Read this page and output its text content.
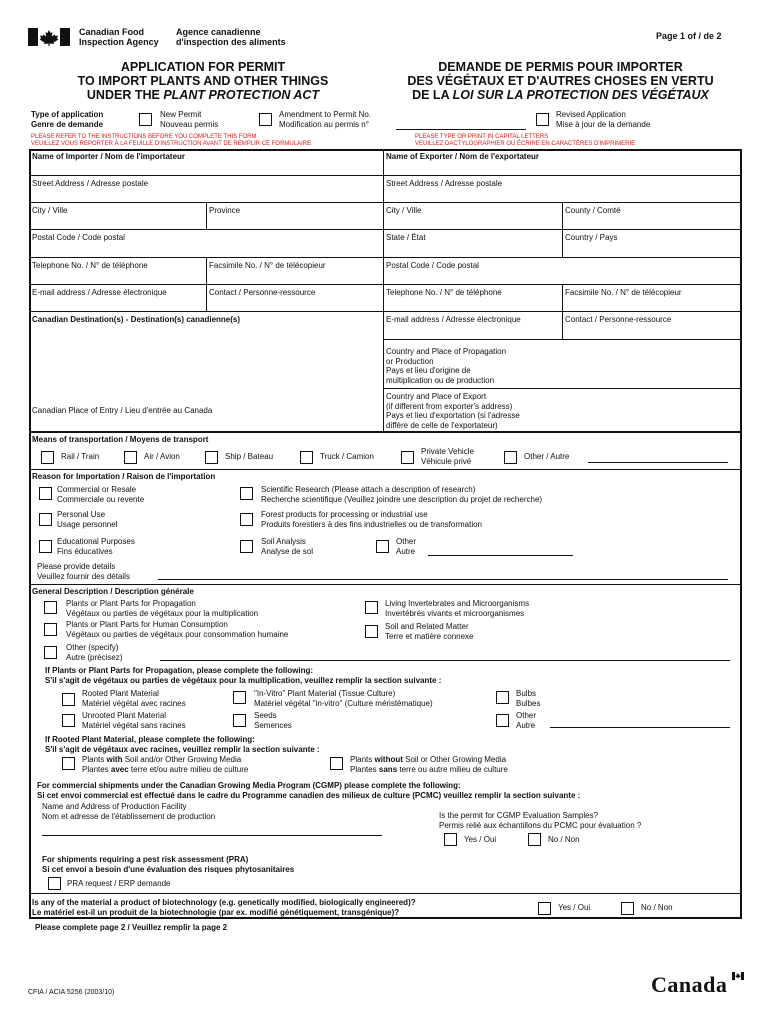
Canadian Food
Inspection Agency
Agence canadienne
d'inspection des aliments
Page 1 of / de 2
APPLICATION FOR PERMIT
TO IMPORT PLANTS AND OTHER THINGS
UNDER THE PLANT PROTECTION ACT
DEMANDE DE PERMIS POUR IMPORTER
DES VÉGÉTAUX ET D'AUTRES CHOSES EN VERTU
DE LA LOI SUR LA PROTECTION DES VÉGÉTAUX
Type of application
Genre de demande
New Permit
Nouveau permis
Amendment to Permit No.
Modification au permis n°
Revised Application
Mise à jour de la demande
PLEASE REFER TO THE INSTRUCTIONS BEFORE YOU COMPLETE THIS FORM
VEUILLEZ VOUS REPORTER À LA FEUILLE D'INSTRUCTION AVANT DE REMPLIR CE FORMULAIRE
PLEASE TYPE OR PRINT IN CAPITAL LETTERS
VEUILLEZ DACTYLOGRAPHIER OU ÉCRIRE EN CARACTÈRES D'IMPRIMERIE
Name of Importer / Nom de l'importateur
Street Address / Adresse postale
City / Ville	Province
Postal Code / Code postal
Telephone No. / N° de téléphone	Facsimile No. / N° de télécopieur
E-mail address / Adresse électronique	Contact / Personne-ressource
Canadian Destination(s) - Destination(s) canadienne(s)
Canadian Place of Entry / Lieu d'entrée au Canada
Name of Exporter / Nom de l'exportateur
Street Address / Adresse postale
City / Ville	County / Comté
State / État	Country / Pays
Postal Code / Code postal
Telephone No. / N° de téléphone	Facsimile No. / N° de télécopieur
E-mail address / Adresse électronique	Contact / Personne-ressource
Country and Place of Propagation
or Production
Pays et lieu d'origine de
multiplication ou de production
Country and Place of Export
(if different from exporter's address)
Pays et lieu d'exportation (si l'adresse
diffère de celle de l'exportateur)
Means of transportation / Moyens de transport
Rail / Train	Air / Avion	Ship / Bateau	Truck / Camion
Private Vehicle
Véhicule privé	Other / Autre
Reason for Importation / Raison de l'importation
Commercial or Resale
Commerciale ou revente
Scientific Research (Please attach a description of research)
Recherche scientifique (Veuillez joindre une description du projet de recherche)
Personal Use
Usage personnel
Forest products for processing or industrial use
Produits forestiers à des fins industrielles ou de transformation
Educational Purposes
Fins éducatives
Soil Analysis
Analyse de sol
Other
Autre
Please provide details
Veuillez fournir des détails
General Description / Description générale
Plants or Plant Parts for Propagation
Végétaux ou parties de végétaux pour la multiplication
Living Invertebrates and Microorganisms
Invertébrés vivants et microorganismes
Plants or Plant Parts for Human Consumption
Végétaux ou parties de végétaux pour consommation humaine
Soil and Related Matter
Terre et matière connexe
Other (specify)
Autre (précisez)
If Plants or Plant Parts for Propagation, please complete the following:
S'il s'agit de végétaux ou parties de végétaux pour la multiplication, veuillez remplir la section suivante :
Rooted Plant Material
Matériel végétal avec racines
"In-Vitro" Plant Material (Tissue Culture)
Matériel végétal "in-vitro" (Culture méristématique)
Bulbs
Bulbes
Unrooted Plant Material
Matériel végétal sans racines
Seeds
Semences
Other
Autre
If Rooted Plant Material, please complete the following:
S'il s'agit de végétaux avec racines, veuillez remplir la section suivante :
Plants with Soil and/or Other Growing Media
Plantes avec terre et/ou autre milieu de culture
Plants without Soil or Other Growing Media
Plantes sans terre ou autre milieu de culture
For commercial shipments under the Canadian Growing Media Program (CGMP) please complete the following:
Si cet envoi commercial est effectué dans le cadre du Programme canadien des milieux de culture (PCMC) veuillez remplir la section suivante :
Name and Address of Production Facility
Nom et adresse de l'établissement de production	Is the permit for CGMP Evaluation Samples?
Permis relié aux échantillons du PCMC pour évaluation ?
Yes / Oui	No / Non
For shipments requiring a pest risk assessment (PRA)
Si cet envoi a besoin d'une évaluation des risques phytosanitaires
PRA request / ERP demande
Is any of the material a product of biotechnology (e.g. genetically modified, biologically engineered)?
Le matériel est-il un produit de la biotechnologie (par ex. modifié génétiquement, transgénique)?	Yes / Oui	No / Non
Please complete page 2 / Veuillez remplir la page 2
CFIA / ACIA 5256 (2003/10)	Canada
